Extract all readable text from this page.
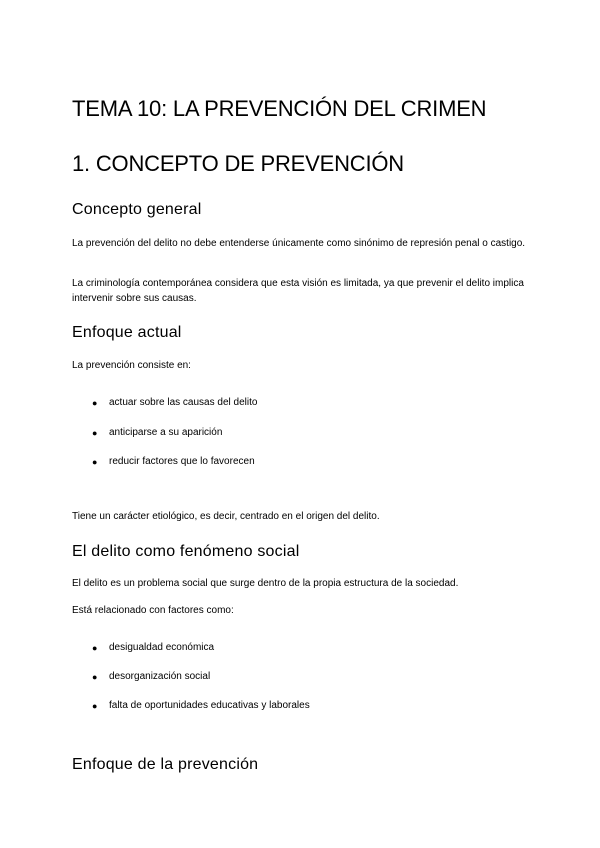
TEMA 10: LA PREVENCIÓN DEL CRIMEN
1. CONCEPTO DE PREVENCIÓN
Concepto general

La prevención del delito no debe entenderse únicamente como sinónimo de represión penal o castigo.

La criminología contemporánea considera que esta visión es limitada, ya que prevenir el delito implica intervenir sobre sus causas.

Enfoque actual

La prevención consiste en:

● actuar sobre las causas del delito
● anticiparse a su aparición
● reducir factores que lo favorecen

Tiene un carácter etiológico, es decir, centrado en el origen del delito.

El delito como fenómeno social

El delito es un problema social que surge dentro de la propia estructura de la sociedad.

Está relacionado con factores como:

● desigualdad económica
● desorganización social
● falta de oportunidades educativas y laborales
Enfoque de la prevención
